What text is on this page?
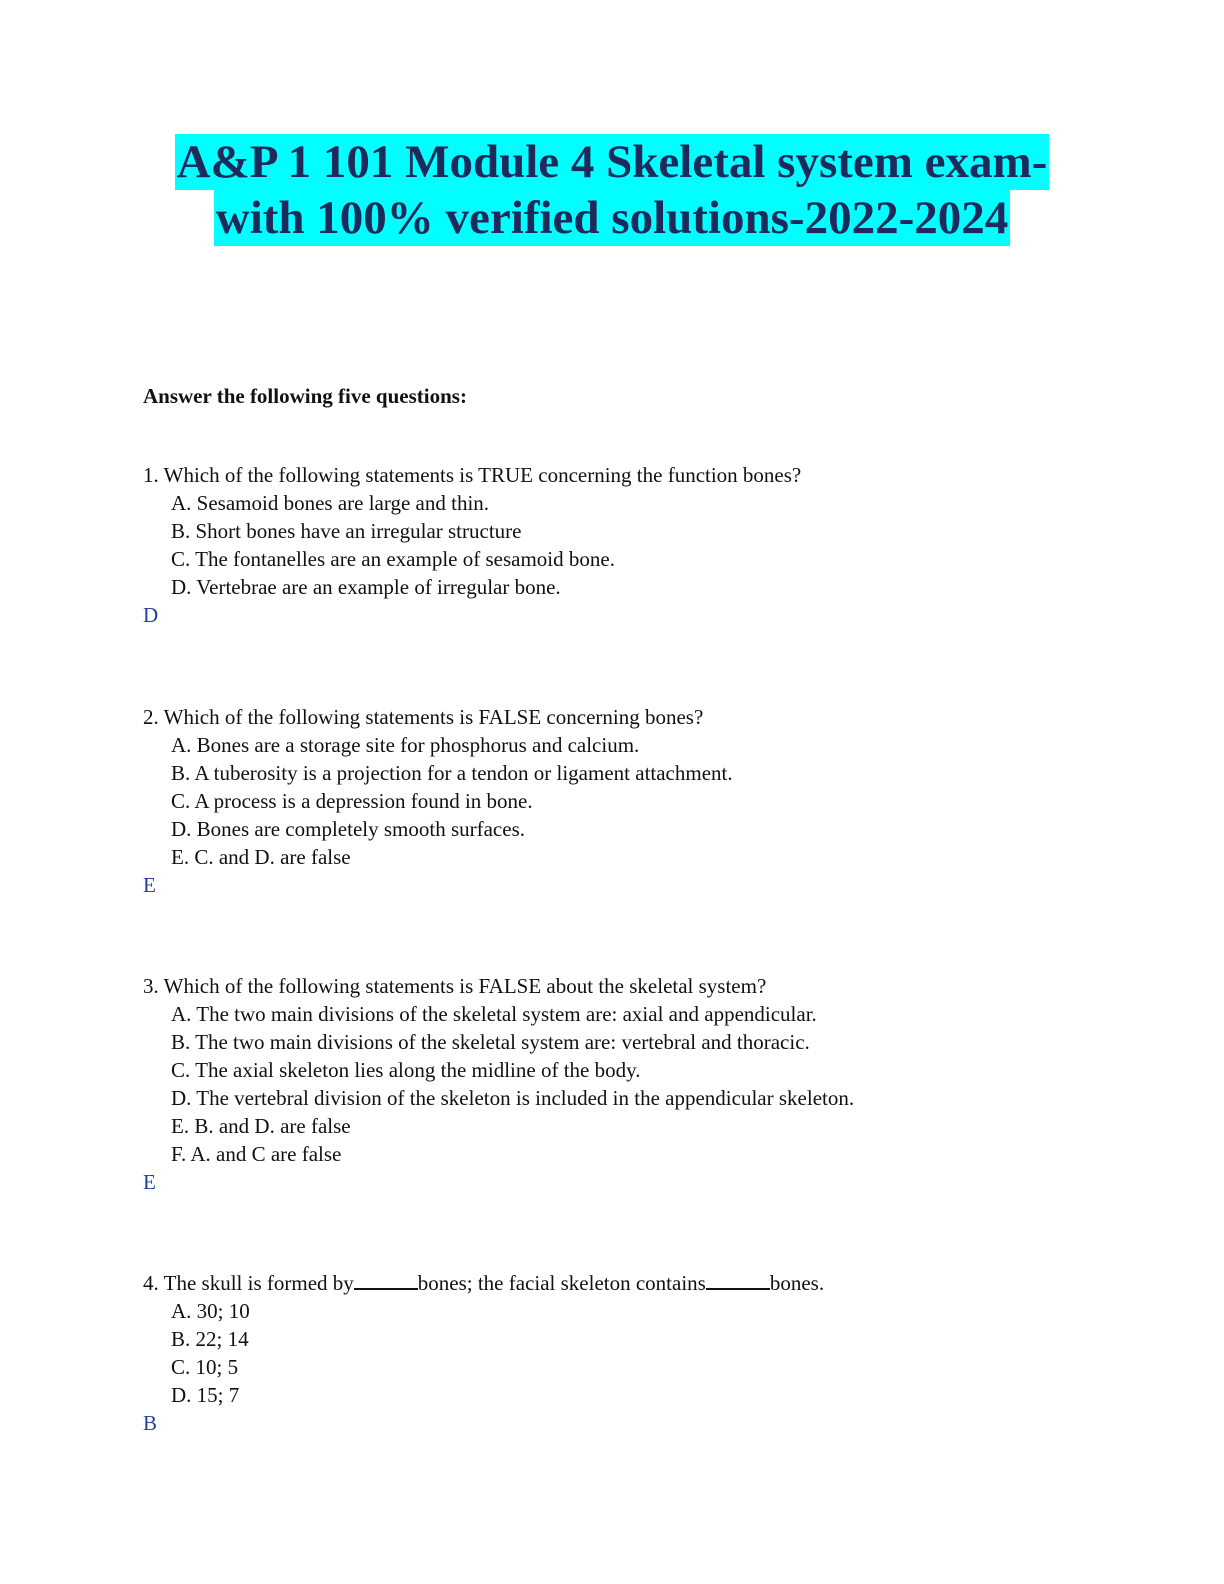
A&P 1 101 Module 4 Skeletal system exam-
with 100% verified solutions-2022-2024
Answer the following five questions:
1. Which of the following statements is TRUE concerning the function bones?
A. Sesamoid bones are large and thin.
B. Short bones have an irregular structure
C. The fontanelles are an example of sesamoid bone.
D. Vertebrae are an example of irregular bone.
D
2. Which of the following statements is FALSE concerning bones?
A. Bones are a storage site for phosphorus and calcium.
B. A tuberosity is a projection for a tendon or ligament attachment.
C. A process is a depression found in bone.
D. Bones are completely smooth surfaces.
E. C. and D. are false
E
3. Which of the following statements is FALSE about the skeletal system?
A. The two main divisions of the skeletal system are: axial and appendicular.
B. The two main divisions of the skeletal system are: vertebral and thoracic.
C. The axial skeleton lies along the midline of the body.
D. The vertebral division of the skeleton is included in the appendicular skeleton.
E. B. and D. are false
F. A. and C are false
E
4. The skull is formed by	bones; the facial skeleton contains	bones.
A. 30; 10
B. 22; 14
C. 10; 5
D. 15; 7
B
